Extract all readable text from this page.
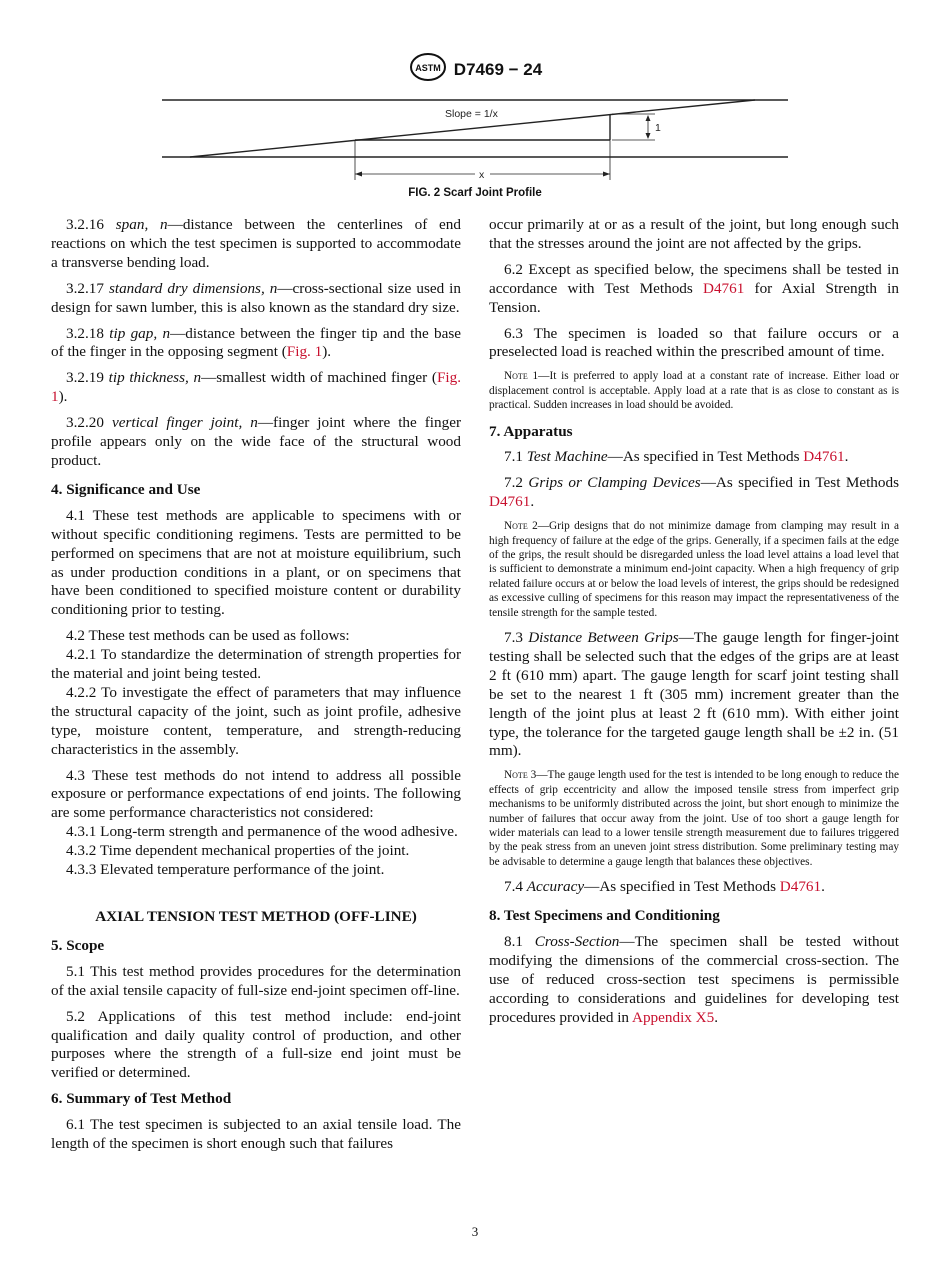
ASTM D7469 − 24
Slope = 1/x
1
x
FIG. 2 Scarf Joint Profile

3.2.16 span, n—distance between the centerlines of end reactions on which the test specimen is supported to accommodate a transverse bending load.

3.2.17 standard dry dimensions, n—cross-sectional size used in design for sawn lumber, this is also known as the standard dry size.

3.2.18 tip gap, n—distance between the finger tip and the base of the finger in the opposing segment (Fig. 1).

3.2.19 tip thickness, n—smallest width of machined finger (Fig. 1).

3.2.20 vertical finger joint, n—finger joint where the finger profile appears only on the wide face of the structural wood product.

4. Significance and Use

4.1 These test methods are applicable to specimens with or without specific conditioning regimens. Tests are permitted to be performed on specimens that are not at moisture equilibrium, such as under production conditions in a plant, or on specimens that have been conditioned to specified moisture content or durability conditioning prior to testing.

4.2 These test methods can be used as follows:

4.2.1 To standardize the determination of strength properties for the material and joint being tested.

4.2.2 To investigate the effect of parameters that may influence the structural capacity of the joint, such as joint profile, adhesive type, moisture content, temperature, and strength-reducing characteristics in the assembly.

4.3 These test methods do not intend to address all possible exposure or performance expectations of end joints. The following are some performance characteristics not considered:

4.3.1 Long-term strength and permanence of the wood adhesive.

4.3.2 Time dependent mechanical properties of the joint.

4.3.3 Elevated temperature performance of the joint.

AXIAL TENSION TEST METHOD (OFF-LINE)
5. Scope

5.1 This test method provides procedures for the determination of the axial tensile capacity of full-size end-joint specimen off-line.

5.2 Applications of this test method include: end-joint qualification and daily quality control of production, and other purposes where the strength of a full-size end joint must be verified or determined.

6. Summary of Test Method

6.1 The test specimen is subjected to an axial tensile load. The length of the specimen is short enough such that failures

occur primarily at or as a result of the joint, but long enough such that the stresses around the joint are not affected by the grips.

6.2 Except as specified below, the specimens shall be tested in accordance with Test Methods D4761 for Axial Strength in Tension.

6.3 The specimen is loaded so that failure occurs or a preselected load is reached within the prescribed amount of time.

Note 1—It is preferred to apply load at a constant rate of increase. Either load or displacement control is acceptable. Apply load at a rate that is as close to constant as is practical. Sudden increases in load should be avoided.
7. Apparatus

7.1 Test Machine—As specified in Test Methods D4761.

7.2 Grips or Clamping Devices—As specified in Test Methods D4761.

Note 2—Grip designs that do not minimize damage from clamping may result in a high frequency of failure at the edge of the grips. Generally, if a specimen fails at the edge of the grips, the result should be disregarded unless the load level attains a load level that is sufficient to demonstrate a minimum end-joint capacity. When a high frequency of grip related failure occurs at or below the load levels of interest, the grips should be redesigned as excessive culling of specimens for this reason may impact the representativeness of the tensile strength for the sample tested.

7.3 Distance Between Grips—The gauge length for finger-joint testing shall be selected such that the edges of the grips are at least 2 ft (610 mm) apart. The gauge length for scarf joint testing shall be set to the nearest 1 ft (305 mm) increment greater than the length of the joint plus at least 2 ft (610 mm). With either joint type, the tolerance for the targeted gauge length shall be ±2 in. (51 mm).

Note 3—The gauge length used for the test is intended to be long enough to reduce the effects of grip eccentricity and allow the imposed tensile stress from imperfect grip mechanisms to be uniformly distributed across the joint, but short enough to minimize the number of failures that occur away from the joint. Use of too short a gauge length for wider materials can lead to a lower tensile strength measurement due to failures triggered by the peak stress from an uneven joint stress distribution. Some preliminary testing may be advisable to determine a gauge length that balances these objectives.

7.4 Accuracy—As specified in Test Methods D4761.

8. Test Specimens and Conditioning

8.1 Cross-Section—The specimen shall be tested without modifying the dimensions of the commercial cross-section. The use of reduced cross-section test specimens is permissible according to considerations and guidelines for developing test procedures provided in Appendix X5.

3
